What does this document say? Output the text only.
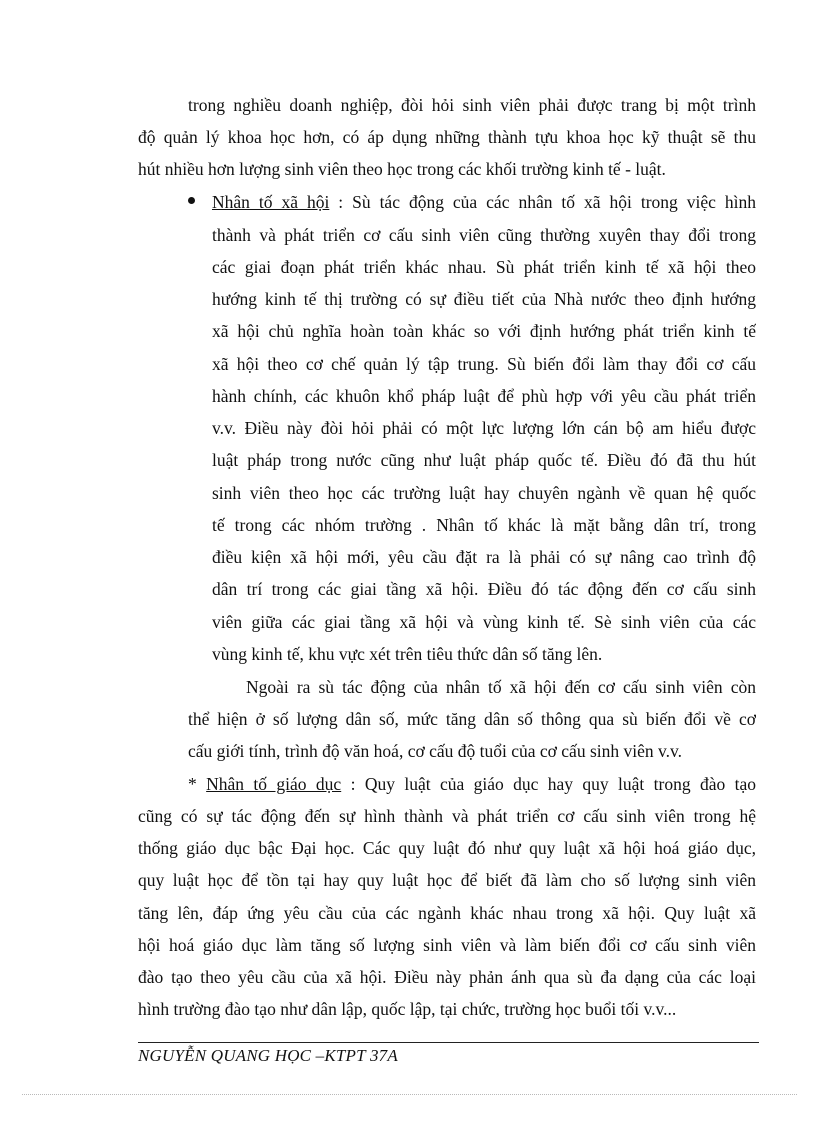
trong nghiều doanh nghiệp, đòi hỏi sinh viên phải được trang bị một trình
độ quản lý khoa học hơn, có áp dụng những thành tựu khoa học kỹ thuật sẽ thu
hút nhiều hơn lượng sinh viên theo học trong các khối trường kinh tế - luật.
Nhân tố xã hội : Sù tác động của các nhân tố xã hội trong việc hình
thành và phát triển cơ cấu sinh viên cũng thường xuyên thay đổi trong
các giai đoạn phát triển khác nhau. Sù phát triển kinh tế xã hội theo
hướng kinh tế thị trường có sự điều tiết của Nhà nước theo định hướng
xã hội chủ nghĩa hoàn toàn khác so với định hướng phát triển kinh tế
xã hội theo cơ chế quản lý tập trung. Sù biến đổi làm thay đổi cơ cấu
hành chính, các khuôn khổ pháp luật để phù hợp với yêu cầu phát triển
v.v. Điều này đòi hỏi phải có một lực lượng lớn cán bộ am hiểu được
luật pháp trong nước cũng như luật pháp quốc tế. Điều đó đã thu hút
sinh viên theo học các trường luật hay chuyên ngành về quan hệ quốc
tế trong các nhóm trường . Nhân tố khác là mặt bằng dân trí, trong
điều kiện xã hội mới, yêu cầu đặt ra là phải có sự nâng cao trình độ
dân trí trong các giai tầng xã hội. Điều đó tác động đến cơ cấu sinh
viên giữa các giai tầng xã hội và vùng kinh tế. Sè sinh viên của các
vùng kinh tế, khu vực xét trên tiêu thức dân số tăng lên.
Ngoài ra sù tác động của nhân tố xã hội đến cơ cấu sinh viên còn
thể hiện ở số lượng dân số, mức tăng dân số thông qua sù biến đổi về cơ
cấu giới tính, trình độ văn hoá, cơ cấu độ tuổi của cơ cấu sinh viên v.v.
* Nhân tố giáo dục : Quy luật của giáo dục hay quy luật trong đào tạo
cũng có sự tác động đến sự hình thành và phát triển cơ cấu sinh viên trong hệ
thống giáo dục bậc Đại học. Các quy luật đó như quy luật xã hội hoá giáo dục,
quy luật học để tồn tại hay quy luật học để biết đã làm cho số lượng sinh viên
tăng lên, đáp ứng yêu cầu của các ngành khác nhau trong xã hội. Quy luật xã
hội hoá giáo dục làm tăng số lượng sinh viên và làm biến đổi cơ cấu sinh viên
đào tạo theo yêu cầu của xã hội. Điều này phản ánh qua sù đa dạng của các loại
hình trường đào tạo như dân lập, quốc lập, tại chức, trường học buổi tối v.v...
NGUYỄN QUANG HỌC –KTPT 37A
